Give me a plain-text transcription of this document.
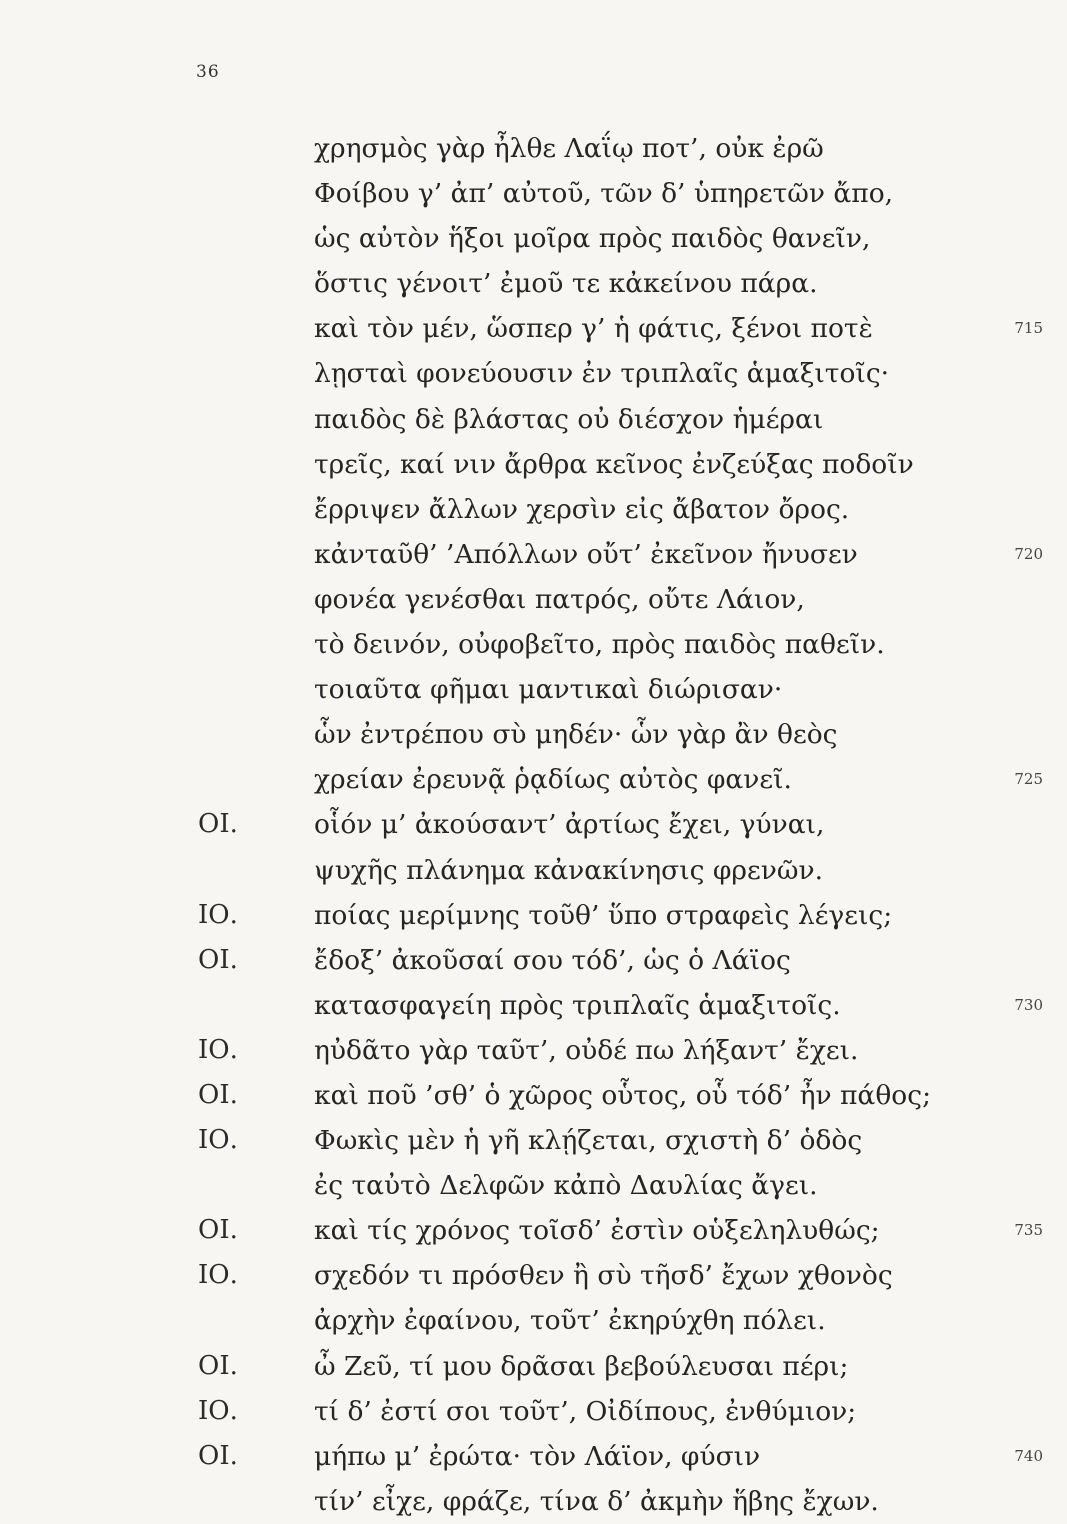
36
χρησμὸς γὰρ ἦλθε Λαΐῳ ποτ’, οὐκ ἐρῶ
Φοίβου γ’ ἀπ’ αὐτοῦ, τῶν δ’ ὑπηρετῶν ἄπο,
ὡς αὐτὸν ἥξοι μοῖρα πρὸς παιδὸς θανεῖν,
ὅστις γένοιτ’ ἐμοῦ τε κἀκείνου πάρα.
καὶ τὸν μέν, ὥσπερ γ’ ἡ φάτις, ξένοι ποτὲ	715
λῃσταὶ φονεύουσιν ἐν τριπλαῖς ἁμαξιτοῖς·
παιδὸς δὲ βλάστας οὐ διέσχον ἡμέραι
τρεῖς, καί νιν ἄρθρα κεῖνος ἐνζεύξας ποδοῖν
ἔρριψεν ἄλλων χερσὶν εἰς ἄβατον ὄρος.
κἀνταῦθ’ ’Απόλλων οὔτ’ ἐκεῖνον ἤνυσεν	720
φονέα γενέσθαι πατρός, οὔτε Λάιον,
τὸ δεινόν, οὐφοβεῖτο, πρὸς παιδὸς παθεῖν.
τοιαῦτα φῆμαι μαντικαὶ διώρισαν·
ὧν ἐντρέπου σὺ μηδέν· ὧν γὰρ ἂν θεὸς
χρείαν ἐρευνᾷ ῥᾳδίως αὐτὸς φανεῖ.	725
ΟΙ.	οἷόν μ’ ἀκούσαντ’ ἀρτίως ἔχει, γύναι,
ψυχῆς πλάνημα κἀνακίνησις φρενῶν.
ΙΟ.	ποίας μερίμνης τοῦθ’ ὕπο στραφεὶς λέγεις;
ΟΙ.	ἔδοξ’ ἀκοῦσαί σου τόδ’, ὡς ὁ Λάϊος
κατασφαγείη πρὸς τριπλαῖς ἁμαξιτοῖς.	730
ΙΟ.	ηὐδᾶτο γὰρ ταῦτ’, οὐδέ πω λήξαντ’ ἔχει.
ΟΙ.	καὶ ποῦ ’σθ’ ὁ χῶρος οὗτος, οὗ τόδ’ ἦν πάθος;
ΙΟ.	Φωκὶς μὲν ἡ γῆ κλῄζεται, σχιστὴ δ’ ὁδὸς
ἐς ταὐτὸ Δελφῶν κἀπὸ Δαυλίας ἄγει.
ΟΙ.	καὶ τίς χρόνος τοῖσδ’ ἐστὶν οὑξεληλυθώς;	735
ΙΟ.	σχεδόν τι πρόσθεν ἢ σὺ τῆσδ’ ἔχων χθονὸς
ἀρχὴν ἐφαίνου, τοῦτ’ ἐκηρύχθη πόλει.
ΟΙ.	ὦ Ζεῦ, τί μου δρᾶσαι βεβούλευσαι πέρι;
ΙΟ.	τί δ’ ἐστί σοι τοῦτ’, Οἰδίπους, ἐνθύμιον;
ΟΙ.	μήπω μ’ ἐρώτα· τὸν Λάϊον, φύσιν	740
τίν’ εἶχε, φράζε, τίνα δ’ ἀκμὴν ἥβης ἔχων.
